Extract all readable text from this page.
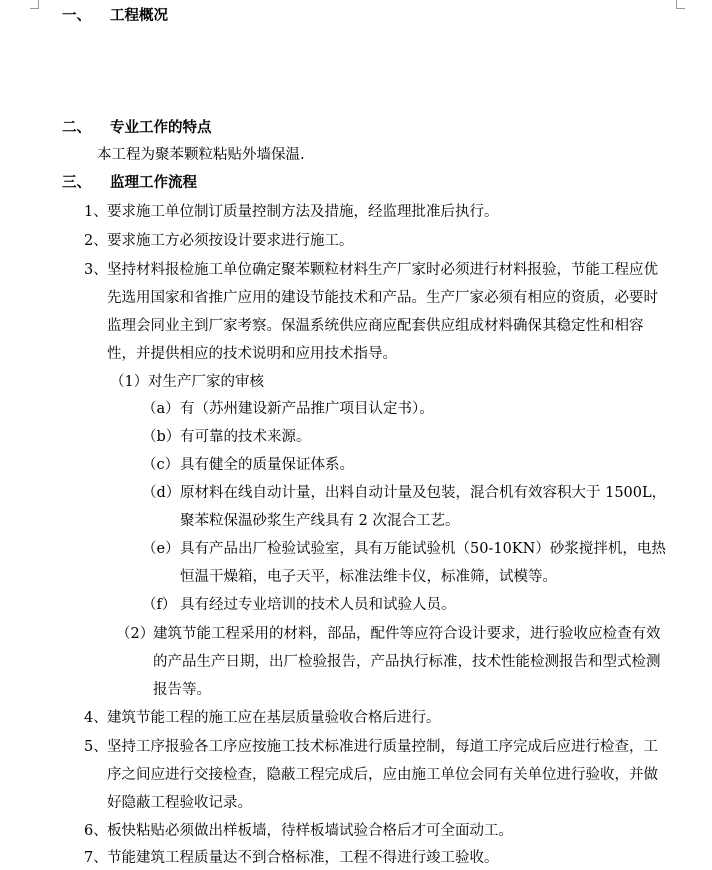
一、 工程概况
二、 专业工作的特点
本工程为聚苯颗粒粘贴外墙保温.
三、 监理工作流程
1、 要求施工单位制订质量控制方法及措施，经监理批准后执行。
2、 要求施工方必须按设计要求进行施工。
3、 坚持材料报检施工单位确定聚苯颗粒材料生产厂家时必须进行材料报验，节能工程应优
先选用国家和省推广应用的建设节能技术和产品。生产厂家必须有相应的资质，必要时
监理会同业主到厂家考察。保温系统供应商应配套供应组成材料确保其稳定性和相容
性，并提供相应的技术说明和应用技术指导。
（1） 对生产厂家的审核
（a） 有（苏州建设新产品推广项目认定书）。
（b） 有可靠的技术来源。
（c） 具有健全的质量保证体系。
（d） 原材料在线自动计量，出料自动计量及包装，混合机有效容积大于 1500L，
聚苯粒保温砂浆生产线具有 2 次混合工艺。
（e） 具有产品出厂检验试验室，具有万能试验机（50-10KN）砂浆搅拌机，电热
恒温干燥箱，电子天平，标准法维卡仪，标准筛，试模等。
（f） 具有经过专业培训的技术人员和试验人员。
（2）
建筑节能工程采用的材料，部品，配件等应符合设计要求，进行验收应检查有效
的产品生产日期，出厂检验报告，产品执行标准，技术性能检测报告和型式检测
报告等。
4、 建筑节能工程的施工应在基层质量验收合格后进行。
5、 坚持工序报验各工序应按施工技术标准进行质量控制，每道工序完成后应进行检查，工
序之间应进行交接检查，隐蔽工程完成后，应由施工单位会同有关单位进行验收，并做
好隐蔽工程验收记录。
6、 板快粘贴必须做出样板墙，待样板墙试验合格后才可全面动工。
7、 节能建筑工程质量达不到合格标准，工程不得进行竣工验收。
